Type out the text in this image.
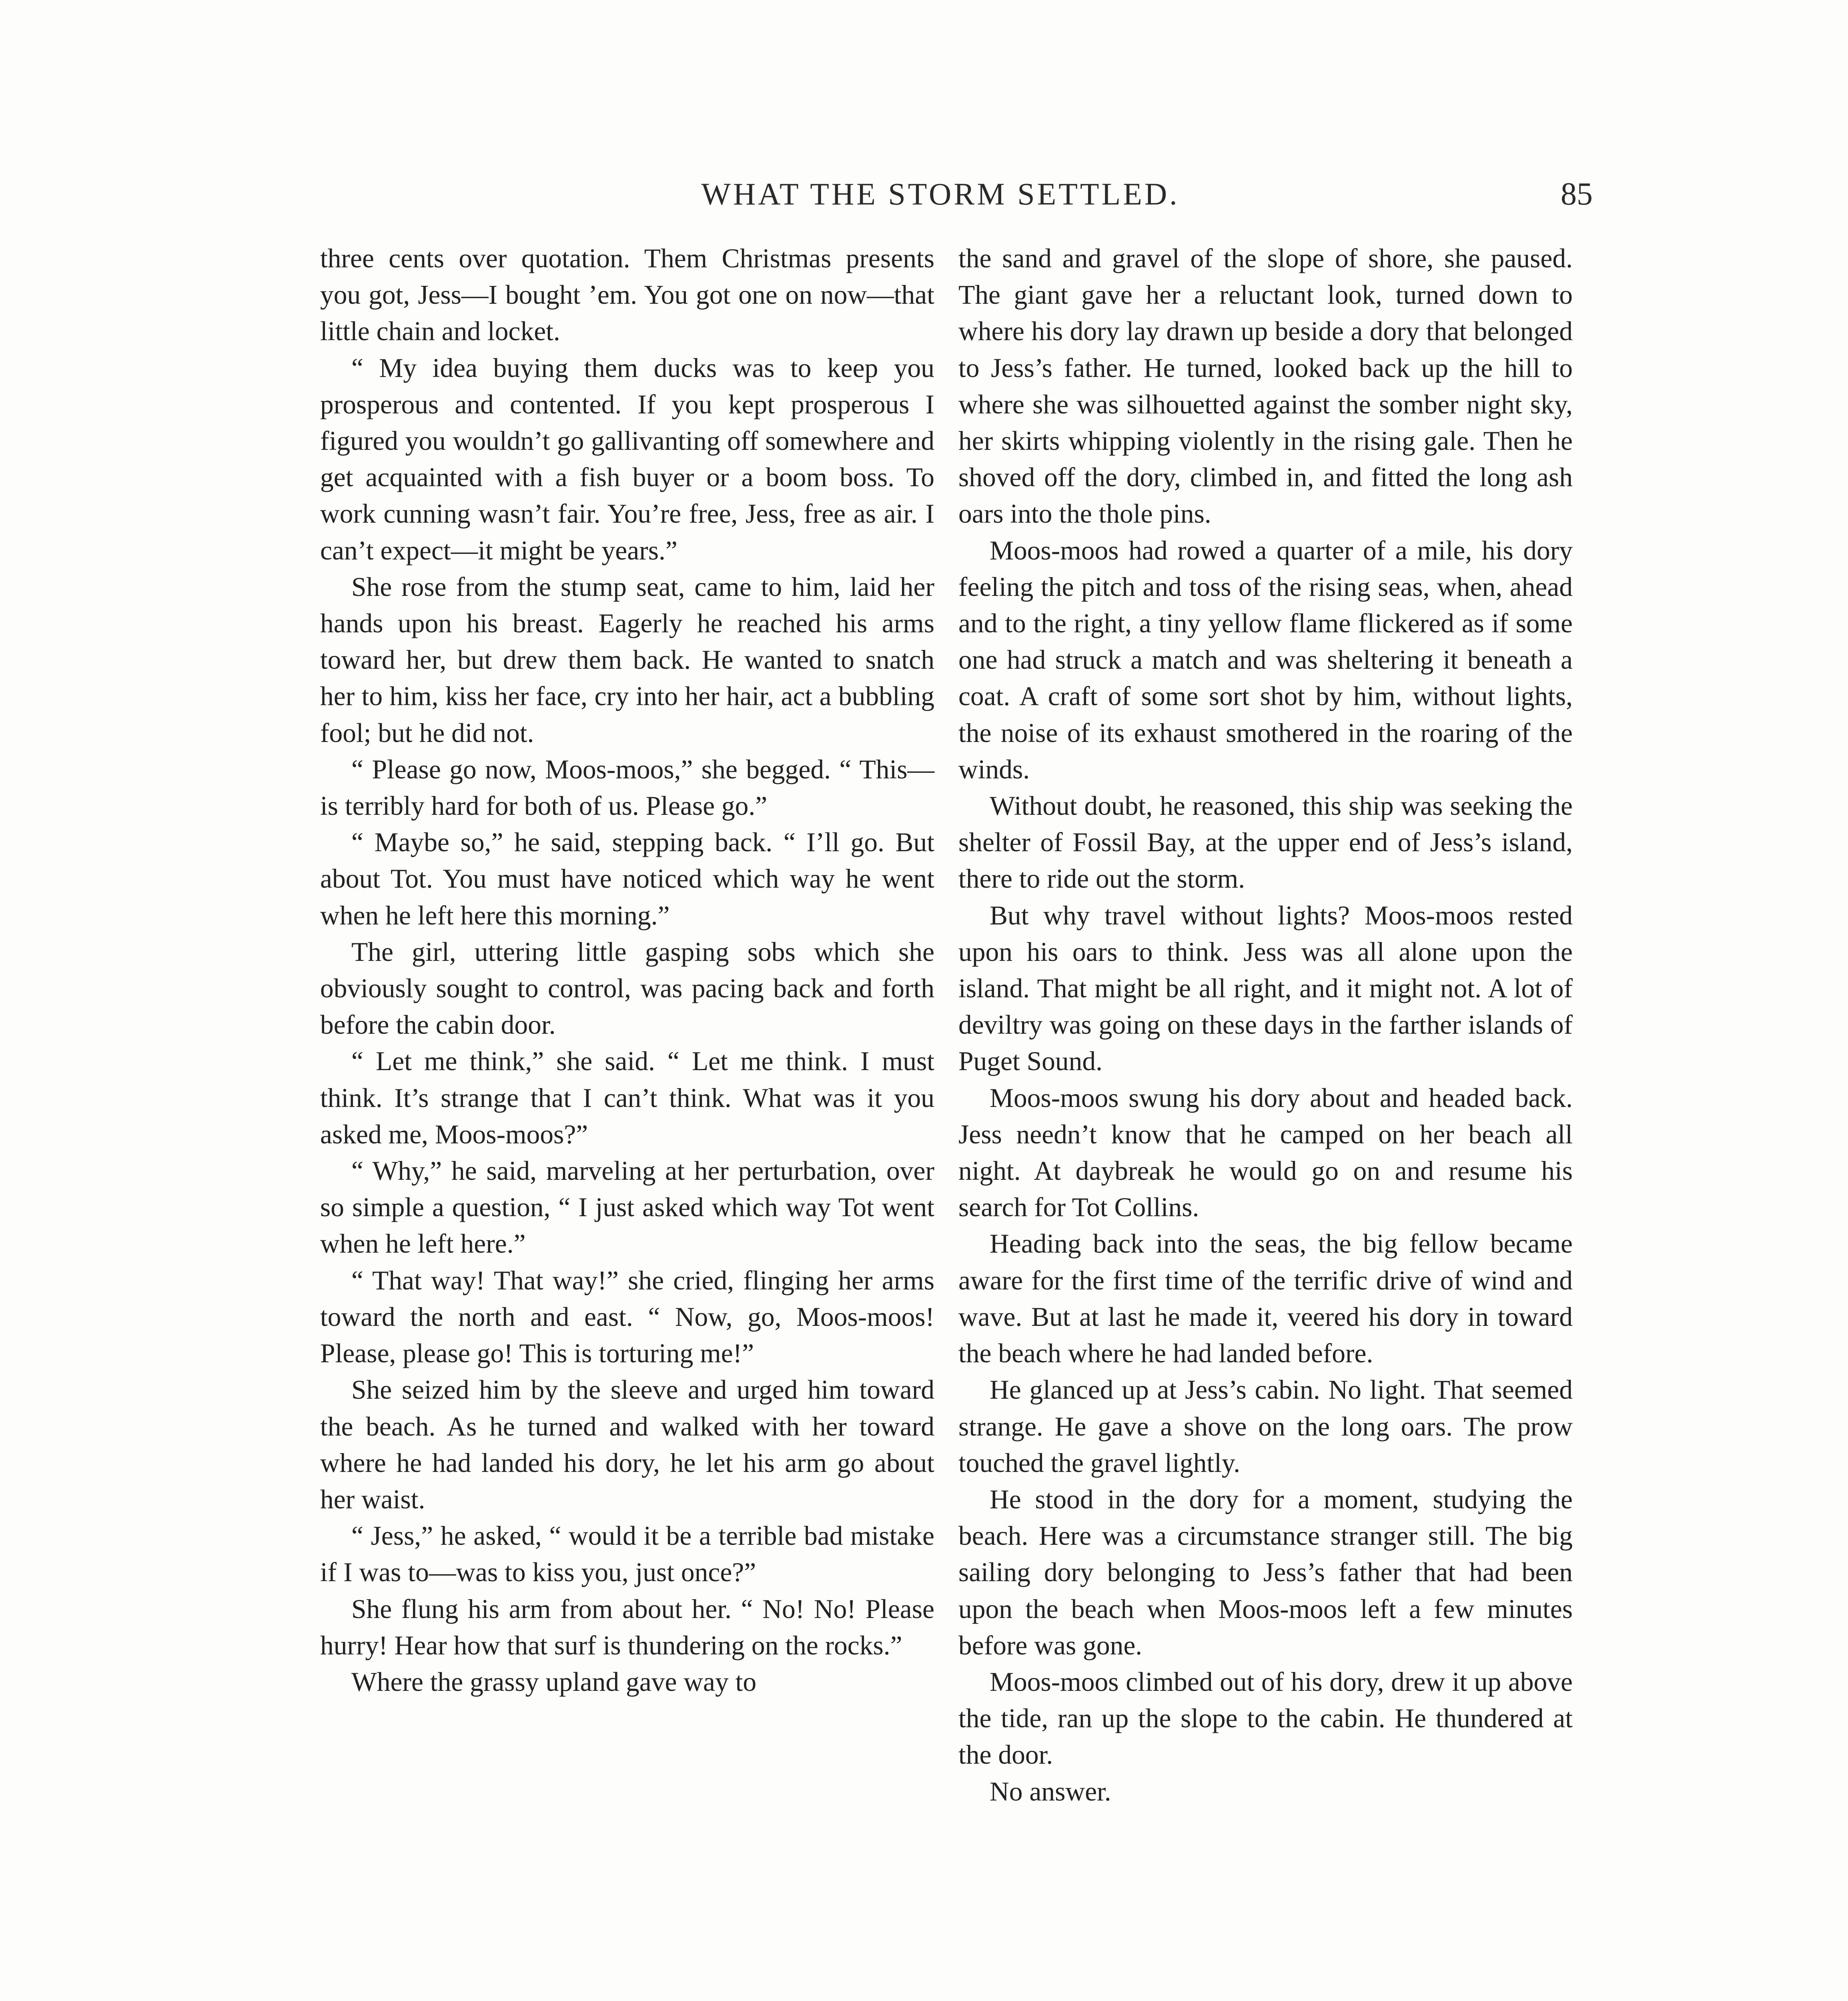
WHAT THE STORM SETTLED.	85

three cents over quotation. Them Christmas presents you got, Jess—I bought ’em. You got one on now—that little chain and locket.

“ My idea buying them ducks was to keep you prosperous and contented. If you kept prosperous I figured you wouldn’t go gallivanting off somewhere and get acquainted with a fish buyer or a boom boss. To work cunning wasn’t fair. You’re free, Jess, free as air. I can’t expect—it might be years.”

She rose from the stump seat, came to him, laid her hands upon his breast. Eagerly he reached his arms toward her, but drew them back. He wanted to snatch her to him, kiss her face, cry into her hair, act a bubbling fool; but he did not.

“ Please go now, Moos-moos,” she begged. “ This—is terribly hard for both of us. Please go.”

“ Maybe so,” he said, stepping back. “ I’ll go. But about Tot. You must have noticed which way he went when he left here this morning.”

The girl, uttering little gasping sobs which she obviously sought to control, was pacing back and forth before the cabin door.

“ Let me think,” she said. “ Let me think. I must think. It’s strange that I can’t think. What was it you asked me, Moos-moos?”

“ Why,” he said, marveling at her perturbation, over so simple a question, “ I just asked which way Tot went when he left here.”

“ That way! That way!” she cried, flinging her arms toward the north and east. “ Now, go, Moos-moos! Please, please go! This is torturing me!”

She seized him by the sleeve and urged him toward the beach. As he turned and walked with her toward where he had landed his dory, he let his arm go about her waist.

“ Jess,” he asked, “ would it be a terrible bad mistake if I was to—was to kiss you, just once?”

She flung his arm from about her. “ No! No! Please hurry! Hear how that surf is thundering on the rocks.”

Where the grassy upland gave way to

the sand and gravel of the slope of shore, she paused. The giant gave her a reluctant look, turned down to where his dory lay drawn up beside a dory that belonged to Jess’s father. He turned, looked back up the hill to where she was silhouetted against the somber night sky, her skirts whipping violently in the rising gale. Then he shoved off the dory, climbed in, and fitted the long ash oars into the thole pins.

Moos-moos had rowed a quarter of a mile, his dory feeling the pitch and toss of the rising seas, when, ahead and to the right, a tiny yellow flame flickered as if some one had struck a match and was sheltering it beneath a coat. A craft of some sort shot by him, without lights, the noise of its exhaust smothered in the roaring of the winds.

Without doubt, he reasoned, this ship was seeking the shelter of Fossil Bay, at the upper end of Jess’s island, there to ride out the storm.

But why travel without lights? Moos-moos rested upon his oars to think. Jess was all alone upon the island. That might be all right, and it might not. A lot of deviltry was going on these days in the farther islands of Puget Sound.

Moos-moos swung his dory about and headed back. Jess needn’t know that he camped on her beach all night. At daybreak he would go on and resume his search for Tot Collins.

Heading back into the seas, the big fellow became aware for the first time of the terrific drive of wind and wave. But at last he made it, veered his dory in toward the beach where he had landed before.

He glanced up at Jess’s cabin. No light. That seemed strange. He gave a shove on the long oars. The prow touched the gravel lightly.

He stood in the dory for a moment, studying the beach. Here was a circumstance stranger still. The big sailing dory belonging to Jess’s father that had been upon the beach when Moos-moos left a few minutes before was gone.

Moos-moos climbed out of his dory, drew it up above the tide, ran up the slope to the cabin. He thundered at the door.

No answer.
